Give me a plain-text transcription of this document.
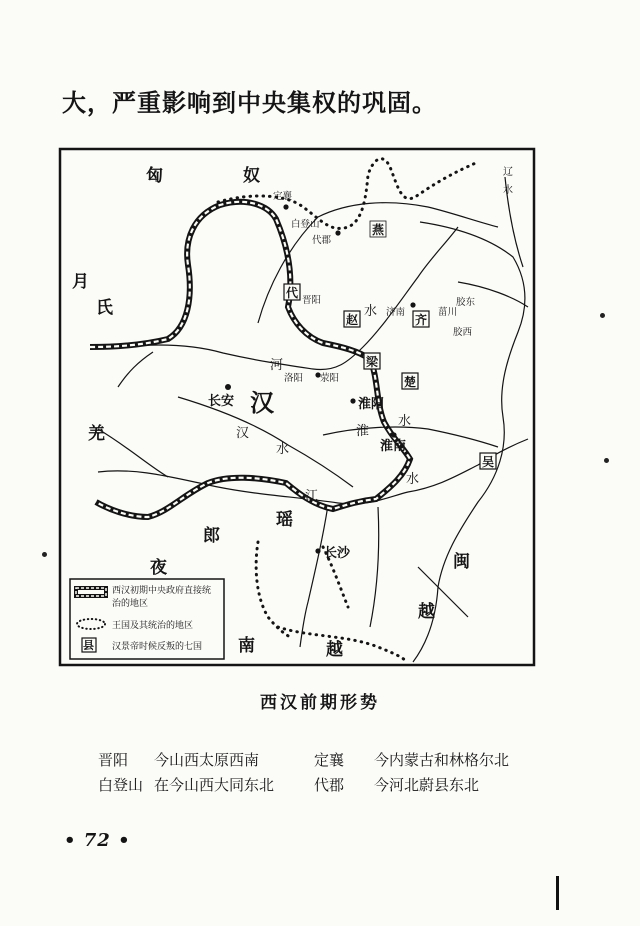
大，严重影响到中央集权的巩固。
匈	奴
月
氏
羌
瑶
夜
郎
南	越
闽
越
汉
长安	淮阳
淮南
长沙
洛阳 荥阳
晋阳
代郡
定襄
白登山
济南	菑川
胶东
胶西
河
水
汉
水
淮
水
江
水
辽
水
燕
代
赵	齐
梁
楚
吴
西汉初期中央政府直接统
治的地区
王国及其统治的地区
县 汉景帝时候反叛的七国
西汉前期形势
晋阳	今山西太原西南	定襄	今内蒙古和林格尔北
白登山 在今山西大同东北	代郡	今河北蔚县东北
• 72 •
